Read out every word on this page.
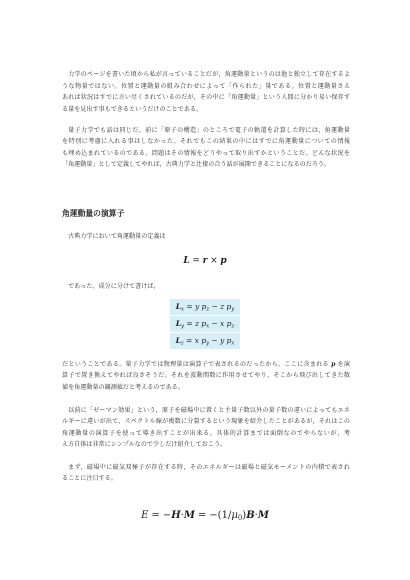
力学のページを書いた頃から私が言っていることだが，角運動量というのは他と独立して存在するよ
うな物量ではない。位置と運動量の組み合わせによって「作られた」量である。位置と運動量さえ
あれば状況はすでに言い尽くされているのだが，その中に「角運動量」という人間に分かり易い保存す
る量を見出す事もできるというだけのことである。
量子力学でも話は同じだ。前に「原子の構造」のところで電子の軌道を計算した時には，角運動量
を特別に考慮に入れる事はしなかった。それでもこの結果の中にはすでに角運動量についての情報
も埋め込まれているのである。問題はその情報をどうやって取り出すかということだ。どんな状況を
「角運動量」として定義してやれば，古典力学と辻褄の合う話が展開できることになるのだろう。
角運動量の演算子
古典力学において角運動量の定義は
L = r × p
であった。成分に分けて書けば，
$L_x = y$ $p_z - z$ $p_y$
$L_y = z$ $p_x - x$ $p_z$
$L_z = x$ $p_y - y$ $p_x$
だということである。量子力学では物理量は演算子で表されるのだったから，ここに含まれる p を演
算子で置き換えてやれば良さそうだ。それを波動関数に作用させてやり，そこから飛び出してきた数
値を角運動量の観測値だと考えるのである。
以前に「ゼーマン効果」という，原子を磁場中に置くと主量子数以外の量子数の違いによってもエネ
ルギーに違いが出て，スペクトル線が複数に分裂するという現象を紹介したことがあるが，それはこの
角運動量の演算子を使って導き出すことが出来る。具体的計算までは面倒なのでやらないが，考
え方自体は非常にシンプルなので少しだけ紹介しておこう。
まず，磁場中に磁気双極子が存在する時，そのエネルギーは磁場と磁気モーメントの内積で表され
ることに注目する。
$E = -H\cdot M = -(1/\mu_0)B\cdot M$
